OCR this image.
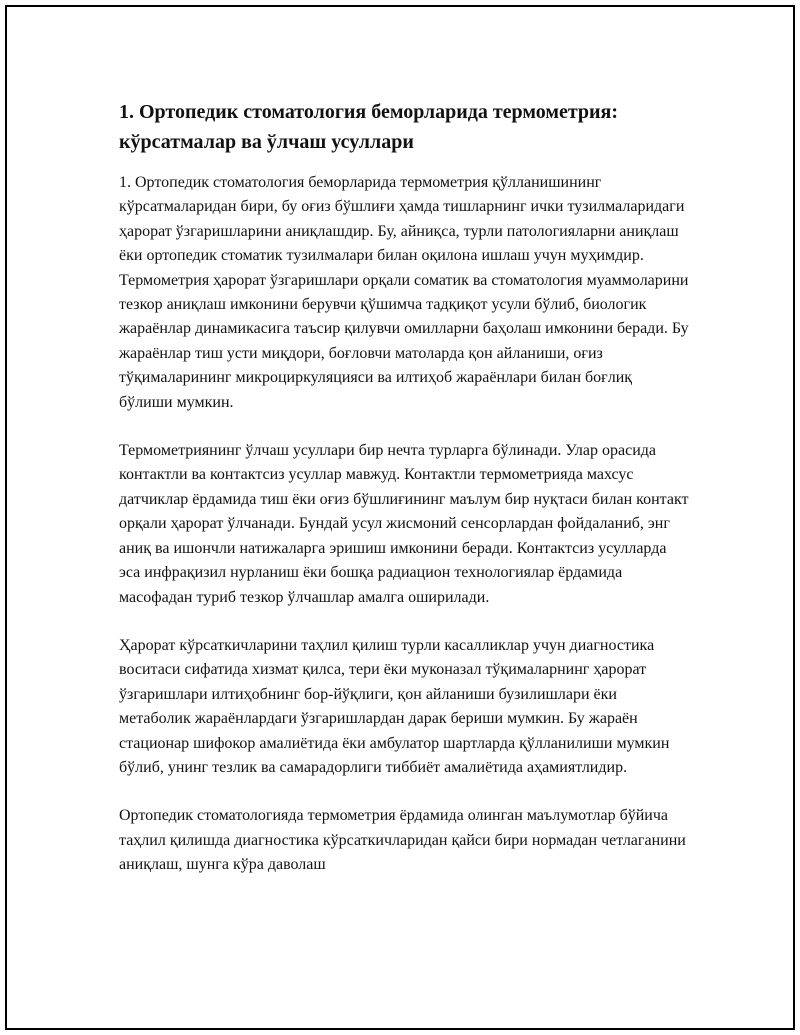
1. Ортопедик стоматология беморларида термометрия: кўрсатмалар ва ўлчаш усуллари

1. Ортопедик стоматология беморларида термометрия қўлланишининг кўрсатмаларидан бири, бу оғиз бўшлиғи ҳамда тишларнинг ички тузилмаларидаги ҳарорат ўзгаришларини аниқлашдир. Бу, айниқса, турли патологияларни аниқлаш ёки ортопедик стоматик тузилмалари билан оқилона ишлаш учун муҳимдир. Термометрия ҳарорат ўзгаришлари орқали соматик ва стоматология муаммоларини тезкор аниқлаш имконини берувчи қўшимча тадқиқот усули бўлиб, биологик жараёнлар динамикасига таъсир қилувчи омилларни баҳолаш имконини беради. Бу жараёнлар тиш усти миқдори, боғловчи матоларда қон айланиши, оғиз тўқималарининг микроциркуляцияси ва илтиҳоб жараёнлари билан боғлиқ бўлиши мумкин.

Термометриянинг ўлчаш усуллари бир нечта турларга бўлинади. Улар орасида контактли ва контактсиз усуллар мавжуд. Контактли термометрияда махсус датчиклар ёрдамида тиш ёки оғиз бўшлиғининг маълум бир нуқтаси билан контакт орқали ҳарорат ўлчанади. Бундай усул жисмоний сенсорлардан фойдаланиб, энг аниқ ва ишончли натижаларга эришиш имконини беради. Контактсиз усулларда эса инфрақизил нурланиш ёки бошқа радиацион технологиялар ёрдамида масофадан туриб тезкор ўлчашлар амалга оширилади.

Ҳарорат кўрсаткичларини таҳлил қилиш турли касалликлар учун диагностика воситаси сифатида хизмат қилса, тери ёки муконазал тўқималарнинг ҳарорат ўзгаришлари илтиҳобнинг бор-йўқлиги, қон айланиши бузилишлари ёки метаболик жараёнлардаги ўзгаришлардан дарак бериши мумкин. Бу жараён стационар шифокор амалиётида ёки амбулатор шартларда қўлланилиши мумкин бўлиб, унинг тезлик ва самарадорлиги тиббиёт амалиётида аҳамиятлидир.

Ортопедик стоматологияда термометрия ёрдамида олинган маълумотлар бўйича таҳлил қилишда диагностика кўрсаткичларидан қайси бири нормадан четлаганини аниқлаш, шунга кўра даволаш
